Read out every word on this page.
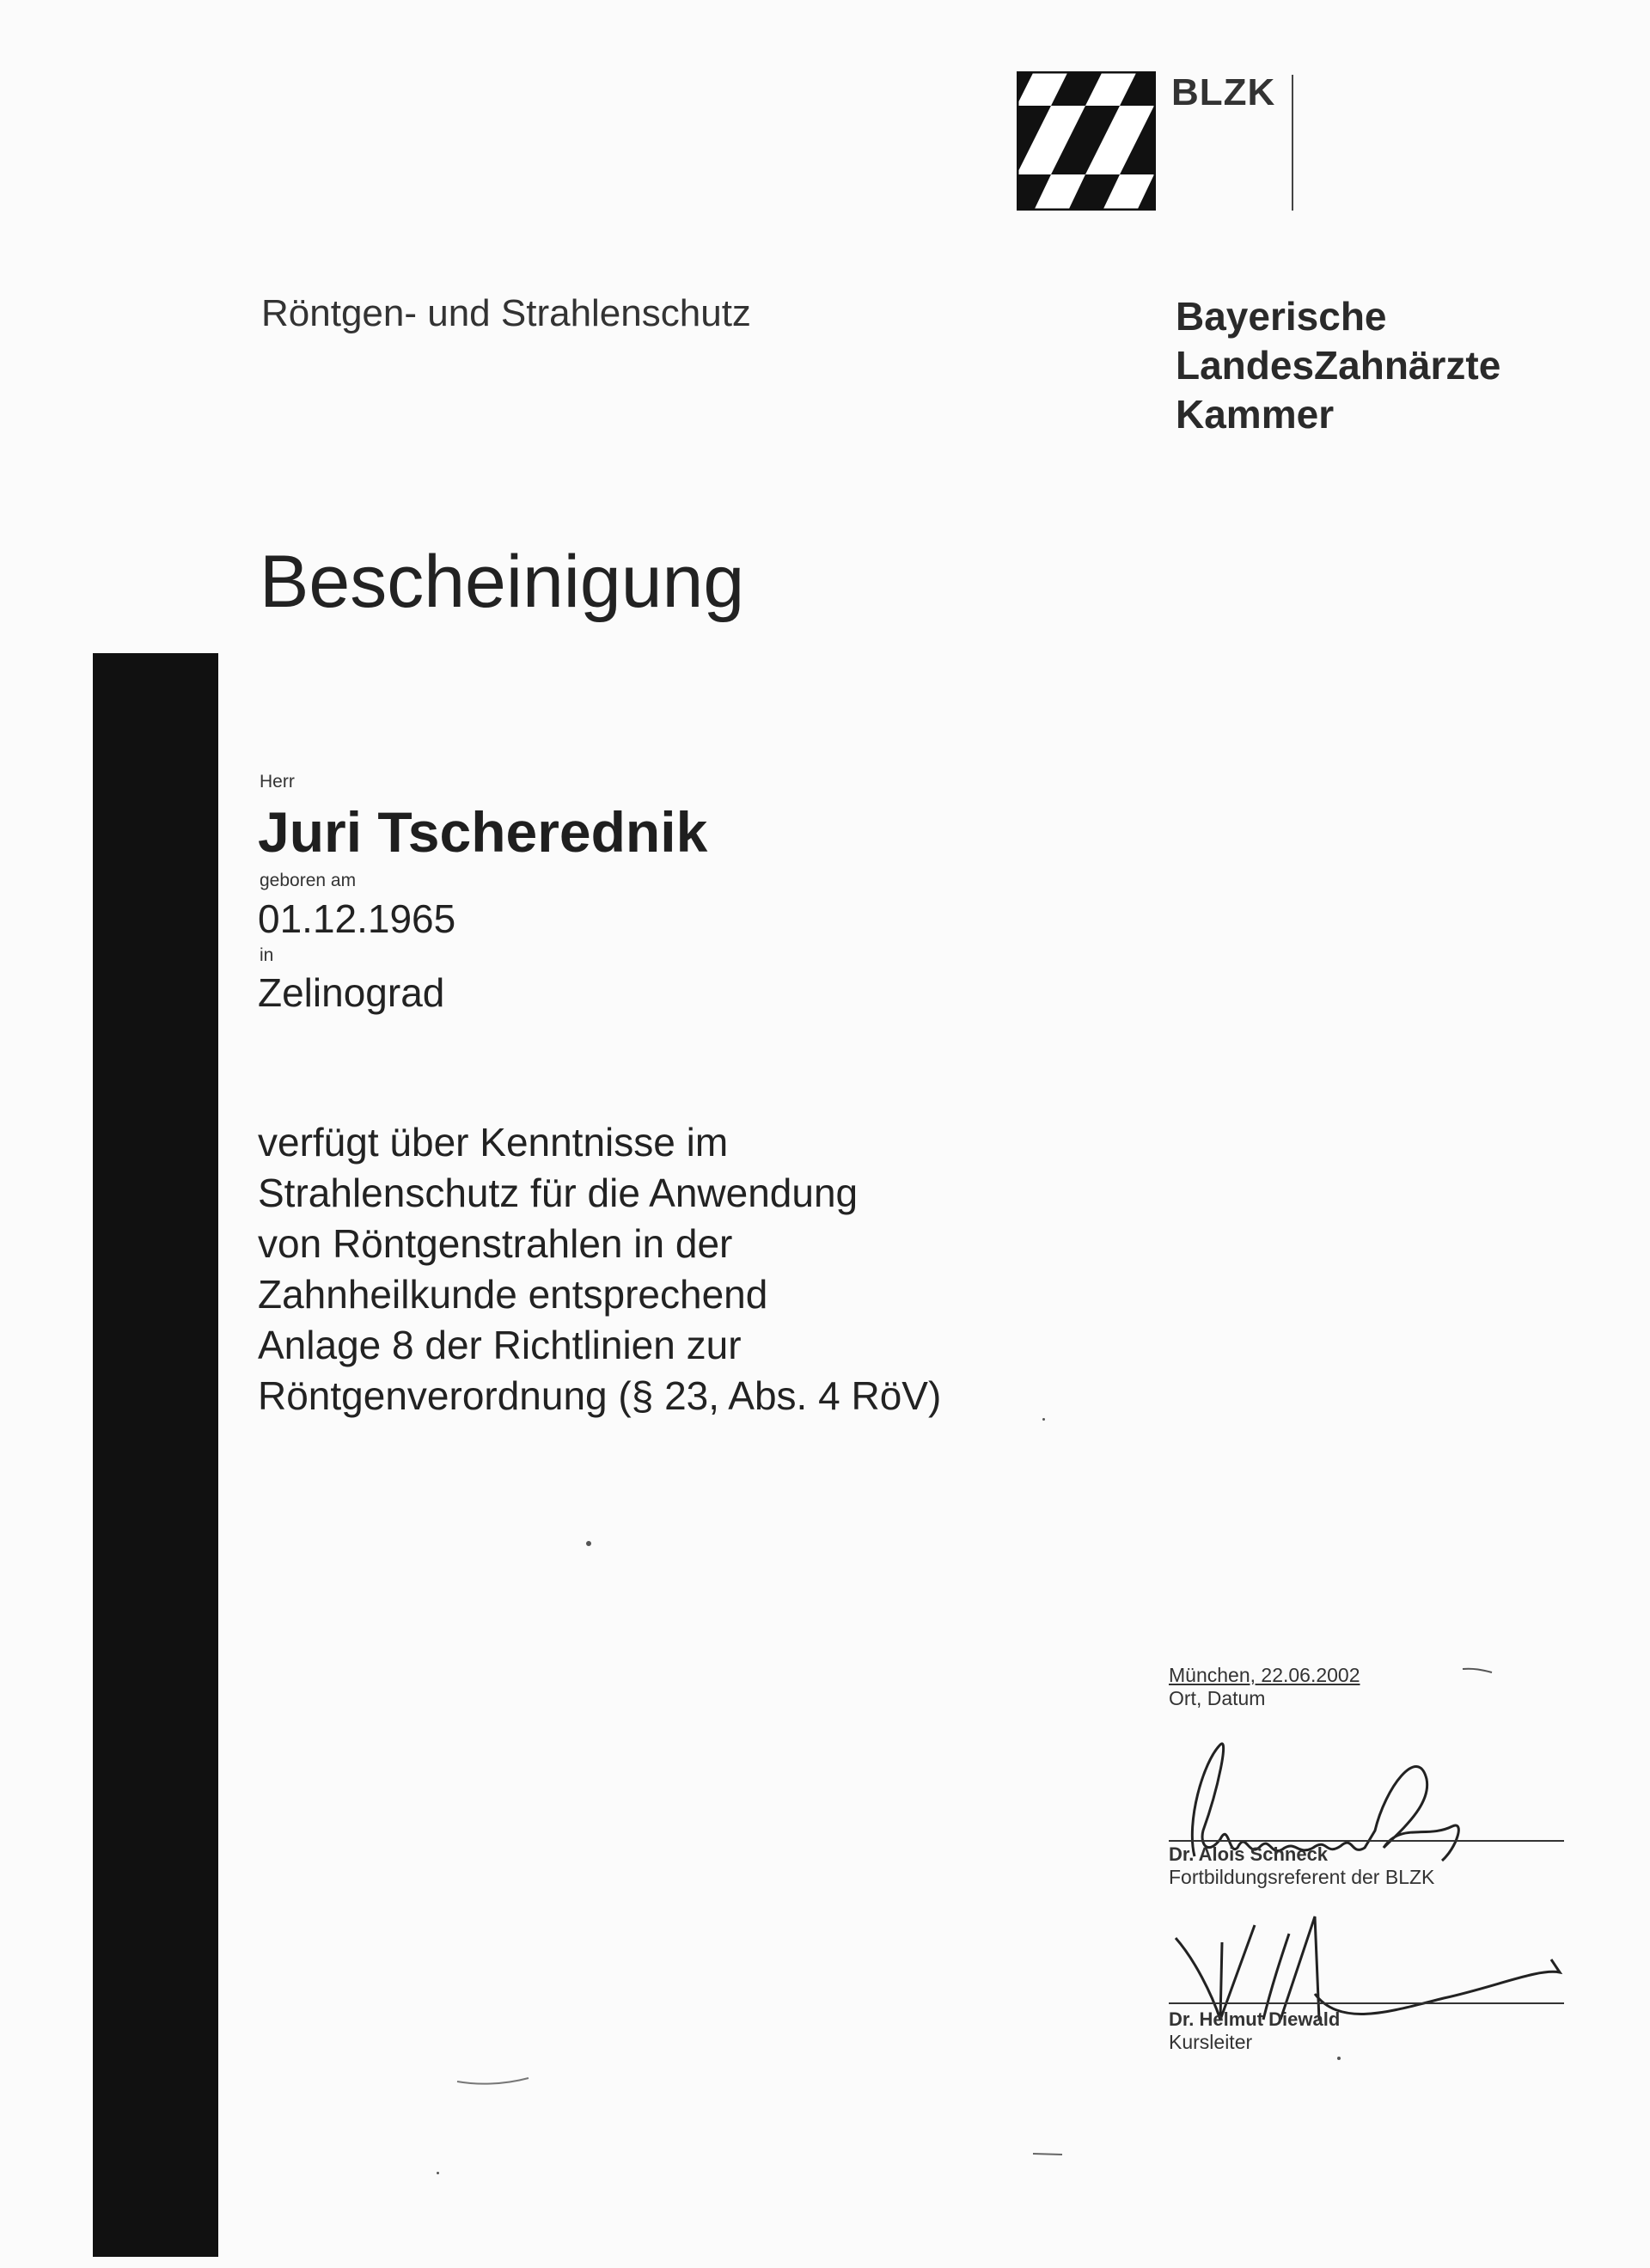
BLZK
Röntgen- und Strahlenschutz	Bayerische
LandesZahnärzte
Kammer
Bescheinigung
Herr
Juri Tscherednik
geboren am
01.12.1965
in
Zelinograd
verfügt über Kenntnisse im
Strahlenschutz für die Anwendung
von Röntgenstrahlen in der
Zahnheilkunde entsprechend
Anlage 8 der Richtlinien zur
Röntgenverordnung (§ 23, Abs. 4 RöV)
München, 22.06.2002
Ort, Datum
Dr. Alois Schneck
Fortbildungsreferent der BLZK
Dr. Helmut Diewald
Kursleiter
